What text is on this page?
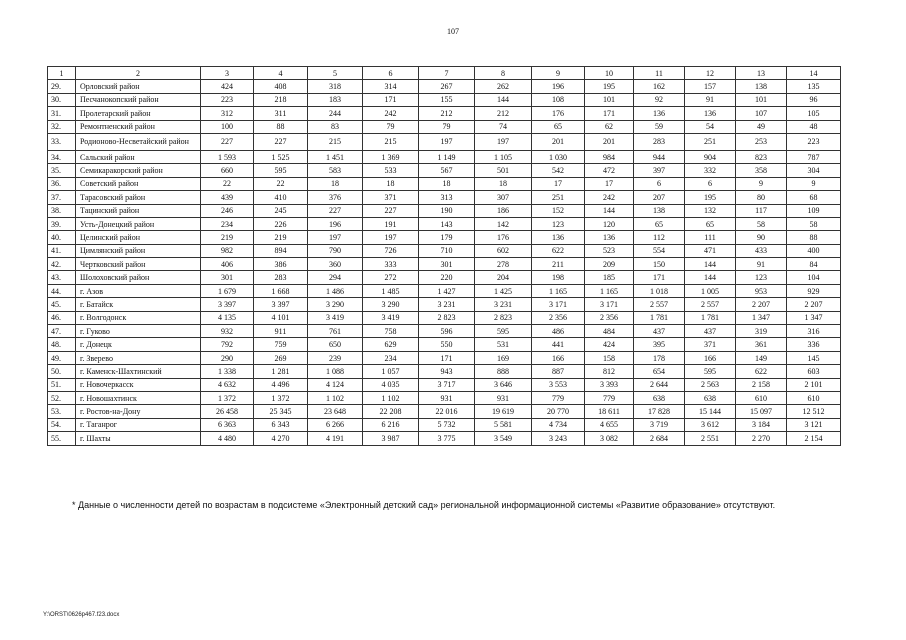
107
1	2	3	4	5	6	7	8	9	10	11	12	13	14
29.	Орловский район	424	408	318	314	267	262	196	195	162	157	138	135
30.	Песчанокопский район	223	218	183	171	155	144	108	101	92	91	101	96
31.	Пролетарский район	312	311	244	242	212	212	176	171	136	136	107	105
32.	Ремонтненский район	100	88	83	79	79	74	65	62	59	54	49	48
33.	Родионово-Несветайский район	227	227	215	215	197	197	201	201	283	251	253	223
34.	Сальский район	1 593	1 525	1 451	1 369	1 149	1 105	1 030	984	944	904	823	787
35.	Семикаракорский район	660	595	583	533	567	501	542	472	397	332	358	304
36.	Советский район	22	22	18	18	18	18	17	17	6	6	9	9
37.	Тарасовский район	439	410	376	371	313	307	251	242	207	195	80	68
38.	Тацинский район	246	245	227	227	190	186	152	144	138	132	117	109
39.	Усть-Донецкий район	234	226	196	191	143	142	123	120	65	65	58	58
40.	Целинский район	219	219	197	197	179	176	136	136	112	111	90	88
41.	Цимлянский район	982	894	790	726	710	602	622	523	554	471	433	400
42.	Чертковский район	406	386	360	333	301	278	211	209	150	144	91	84
43.	Шолоховский район	301	283	294	272	220	204	198	185	171	144	123	104
44.	г. Азов	1 679	1 668	1 486	1 485	1 427	1 425	1 165	1 165	1 018	1 005	953	929
45.	г. Батайск	3 397	3 397	3 290	3 290	3 231	3 231	3 171	3 171	2 557	2 557	2 207	2 207
46.	г. Волгодонск	4 135	4 101	3 419	3 419	2 823	2 823	2 356	2 356	1 781	1 781	1 347	1 347
47.	г. Гуково	932	911	761	758	596	595	486	484	437	437	319	316
48.	г. Донецк	792	759	650	629	550	531	441	424	395	371	361	336
49.	г. Зверево	290	269	239	234	171	169	166	158	178	166	149	145
50.	г. Каменск-Шахтинский	1 338	1 281	1 088	1 057	943	888	887	812	654	595	622	603
51.	г. Новочеркасск	4 632	4 496	4 124	4 035	3 717	3 646	3 553	3 393	2 644	2 563	2 158	2 101
52.	г. Новошахтинск	1 372	1 372	1 102	1 102	931	931	779	779	638	638	610	610
53.	г. Ростов-на-Дону	26 458	25 345	23 648	22 208	22 016	19 619	20 770	18 611	17 828	15 144	15 097	12 512
54.	г. Таганрог	6 363	6 343	6 266	6 216	5 732	5 581	4 734	4 655	3 719	3 612	3 184	3 121
55.	г. Шахты	4 480	4 270	4 191	3 987	3 775	3 549	3 243	3 082	2 684	2 551	2 270	2 154
* Данные о численности детей по возрастам в подсистеме «Электронный детский сад» региональной информационной системы «Развитие образование» отсутствуют.
Y:\ORST\0626p467.f23.docx
